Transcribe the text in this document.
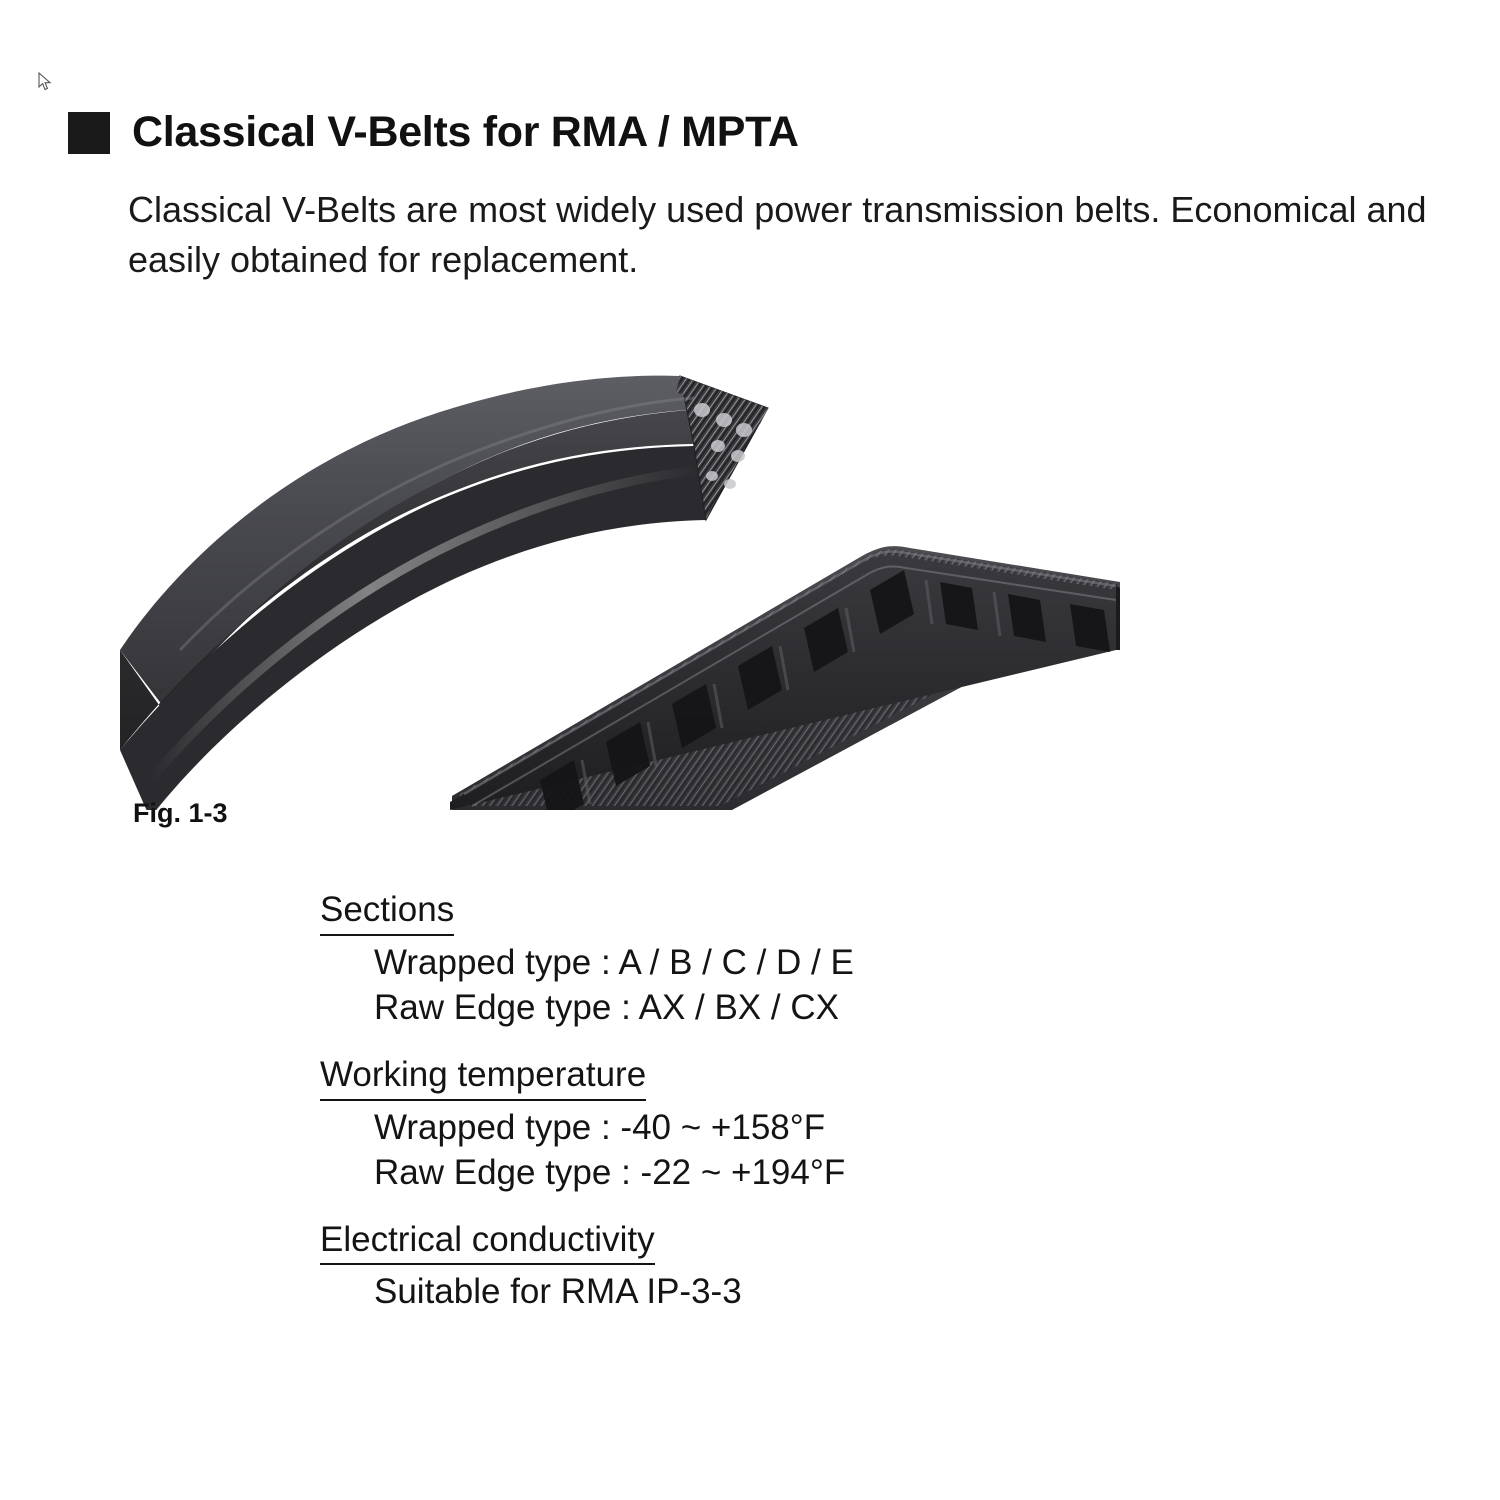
Classical V-Belts for RMA / MPTA
Classical V-Belts are most widely used power transmission belts. Economical and easily obtained for replacement.
Fig. 1-3
Sections
Wrapped type : A / B / C / D / E
Raw Edge type : AX / BX / CX
Working temperature
Wrapped type : -40 ~ +158°F
Raw Edge type : -22 ~ +194°F
Electrical conductivity
Suitable for RMA IP-3-3
